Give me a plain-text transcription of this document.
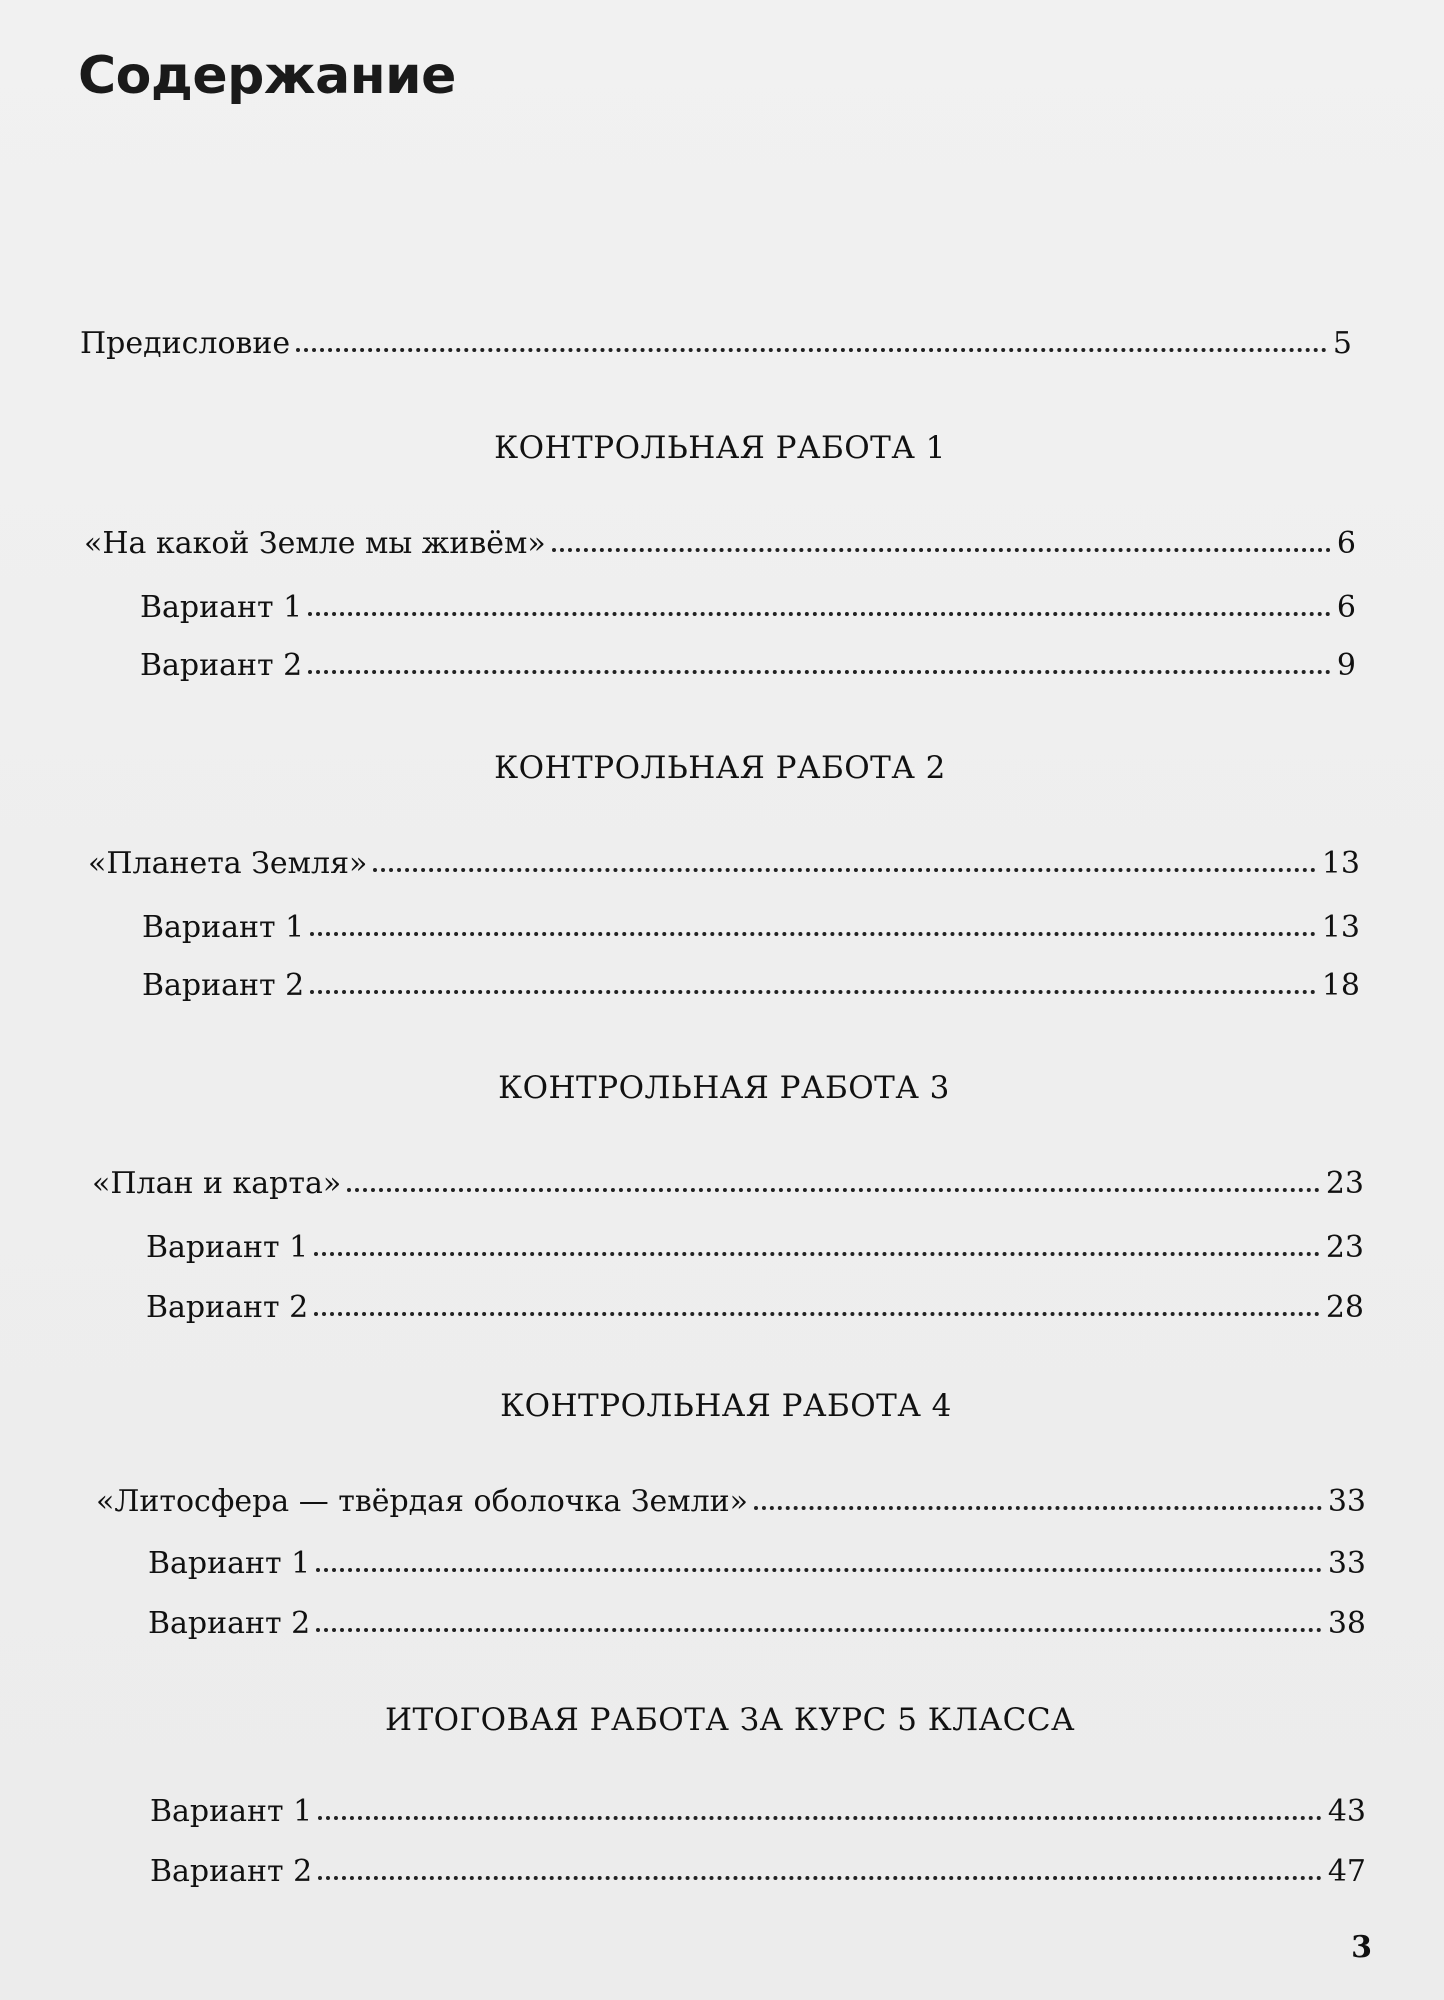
Содержание
Предисловие	5
КОНТРОЛЬНАЯ РАБОТА 1
«На какой Земле мы живём»	6
Вариант 1	6
Вариант 2	9
КОНТРОЛЬНАЯ РАБОТА 2
«Планета Земля»	13
Вариант 1	13
Вариант 2	18
КОНТРОЛЬНАЯ РАБОТА 3
«План и карта»	23
Вариант 1	23
Вариант 2	28
КОНТРОЛЬНАЯ РАБОТА 4
«Литосфера — твёрдая оболочка Земли»	33
Вариант 1	33
Вариант 2	38
ИТОГОВАЯ РАБОТА ЗА КУРС 5 КЛАССА
Вариант 1	43
Вариант 2	47
3
